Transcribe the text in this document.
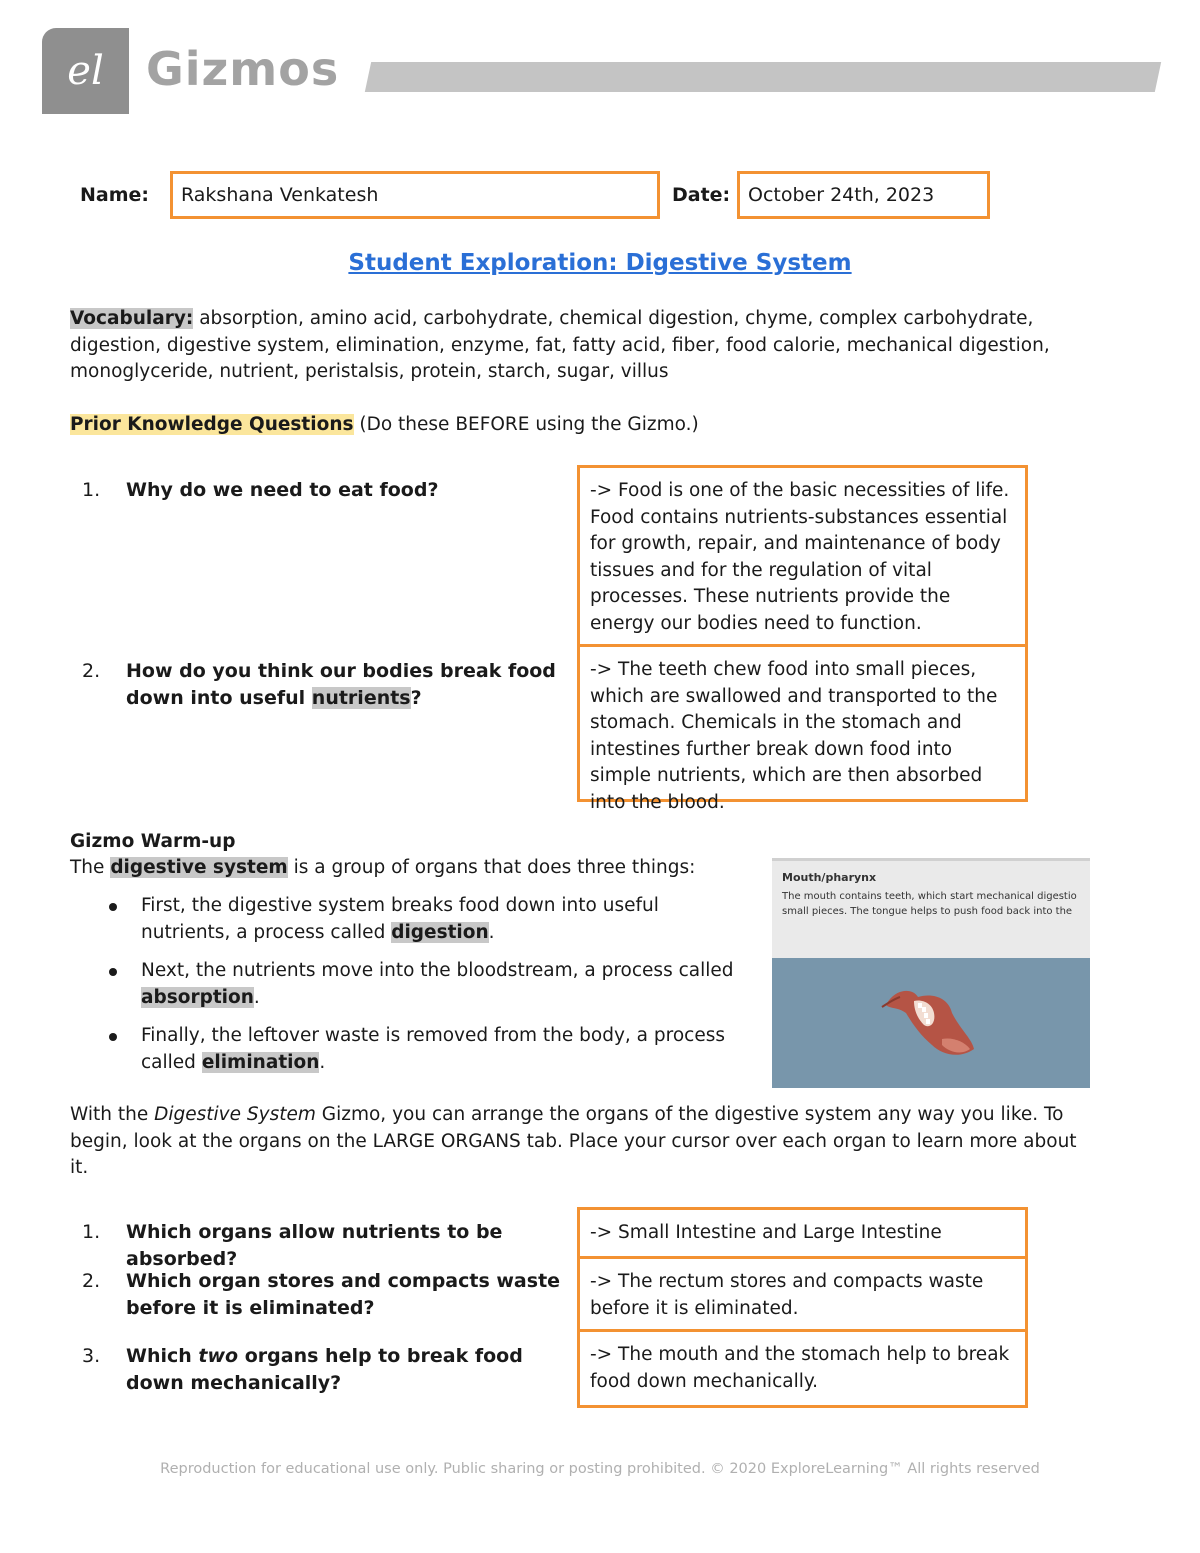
el Gizmos
Name:	Rakshana Venkatesh	Date: October 24th, 2023
Student Exploration: Digestive System
Vocabulary: absorption, amino acid, carbohydrate, chemical digestion, chyme, complex carbohydrate, digestion, digestive system, elimination, enzyme, fat, fatty acid, fiber, food calorie, mechanical digestion, monoglyceride, nutrient, peristalsis, protein, starch, sugar, villus
Prior Knowledge Questions (Do these BEFORE using the Gizmo.)
1. Why do we need to eat food?	-> Food is one of the basic necessities of life. Food contains nutrients-substances essential for growth, repair, and maintenance of body tissues and for the regulation of vital processes. These nutrients provide the energy our bodies need to function.
2. How do you think our bodies break food down into useful nutrients?
-> The teeth chew food into small pieces, which are swallowed and transported to the stomach. Chemicals in the stomach and intestines further break down food into simple nutrients, which are then absorbed into the blood.
Gizmo Warm-up
The digestive system is a group of organs that does three things:
First, the digestive system breaks food down into useful nutrients, a process called digestion.
Next, the nutrients move into the bloodstream, a process called absorption.
Finally, the leftover waste is removed from the body, a process called elimination.
Mouth/pharynx
The mouth contains teeth, which start mechanical digestio
small pieces. The tongue helps to push food back into the
With the Digestive System Gizmo, you can arrange the organs of the digestive system any way you like. To begin, look at the organs on the LARGE ORGANS tab. Place your cursor over each organ to learn more about it.
1. Which organs allow nutrients to be absorbed?
-> Small Intestine and Large Intestine
2. Which organ stores and compacts waste before it is eliminated?
-> The rectum stores and compacts waste before it is eliminated.
3. Which two organs help to break food down mechanically?
-> The mouth and the stomach help to break food down mechanically.
Reproduction for educational use only. Public sharing or posting prohibited. © 2020 ExploreLearning™ All rights reserved
